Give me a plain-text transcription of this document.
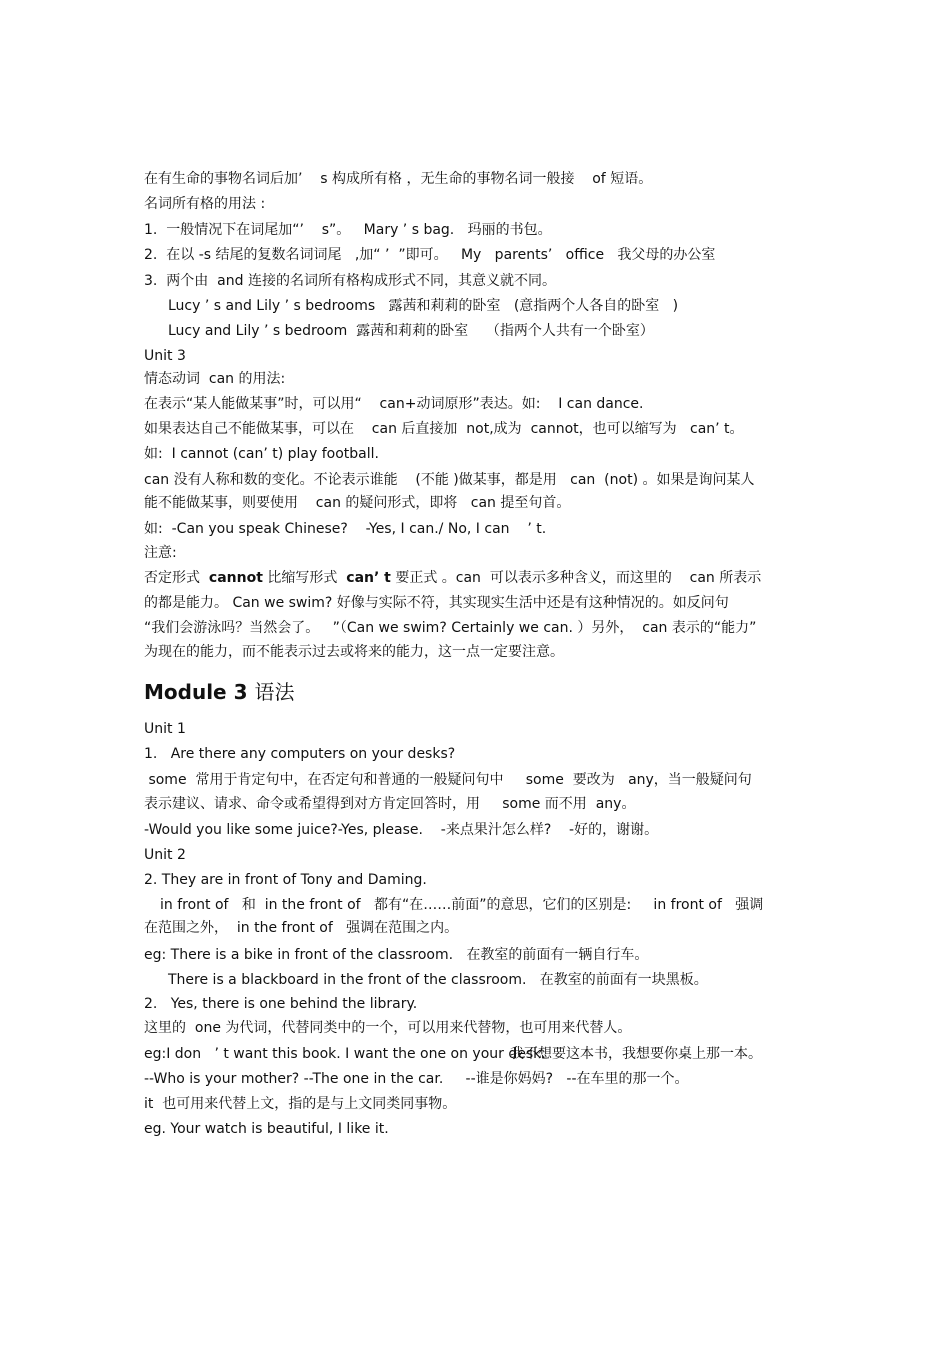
在有生命的事物名词后加’    s 构成所有格 ，无生命的事物名词一般接    of 短语。
名词所有格的用法 :
1.  一般情况下在词尾加“’    s”。   Mary ’ s bag.   玛丽的书包。
2.  在以 -s 结尾的复数名词词尾   ,加“ ’  ”即可。   My   parents’   office   我父母的办公室
3.  两个由  and 连接的名词所有格构成形式不同，其意义就不同。
Lucy ’ s and Lily ’ s bedrooms   露茜和莉莉的卧室   (意指两个人各自的卧室   )
Lucy and Lily ’ s bedroom  露茜和莉莉的卧室    （指两个人共有一个卧室）
Unit 3
情态动词  can 的用法:
在表示“某人能做某事”时，可以用“    can+动词原形”表达。如:    I can dance.
如果表达自己不能做某事，可以在    can 后直接加  not,成为  cannot，也可以缩写为   can’ t。
如:  I cannot (can’ t) play football.
can 没有人称和数的变化。不论表示谁能    (不能 )做某事，都是用   can  (not) 。如果是询问某人
能不能做某事，则要使用    can 的疑问形式，即将   can 提至句首。
如:  -Can you speak Chinese?    -Yes, I can./ No, I can    ’ t.
注意:
否定形式  cannot 比缩写形式  can’ t 要正式 。can  可以表示多种含义，而这里的    can 所表示
的都是能力。 Can we swim? 好像与实际不符，其实现实生活中还是有这种情况的。如反问句
“我们会游泳吗？当然会了。   ”（Can we swim? Certainly we can. ）另外，  can 表示的“能力”
为现在的能力，而不能表示过去或将来的能力，这一点一定要注意。
Module 3 语法
Unit 1
1.   Are there any computers on your desks?
some  常用于肯定句中，在否定句和普通的一般疑问句中     some  要改为   any，当一般疑问句
表示建议、请求、命令或希望得到对方肯定回答时，用     some 而不用  any。
-Would you like some juice?-Yes, please.    -来点果汁怎么样?    -好的，谢谢。
Unit 2
2. They are in front of Tony and Daming.
in front of   和  in the front of   都有“在……前面”的意思，它们的区别是:     in front of   强调
在范围之外，  in the front of   强调在范围之内。
eg: There is a bike in front of the classroom.   在教室的前面有一辆自行车。
There is a blackboard in the front of the classroom.   在教室的前面有一块黑板。
2.   Yes, there is one behind the library.
这里的  one 为代词，代替同类中的一个，可以用来代替物，也可用来代替人。
eg:I don   ’ t want this book. I want the one on your desk.
我不想要这本书，我想要你桌上那一本。
--Who is your mother? --The one in the car.     --谁是你妈妈?   --在车里的那一个。
it  也可用来代替上文，指的是与上文同类同事物。
eg. Your watch is beautiful, I like it.
